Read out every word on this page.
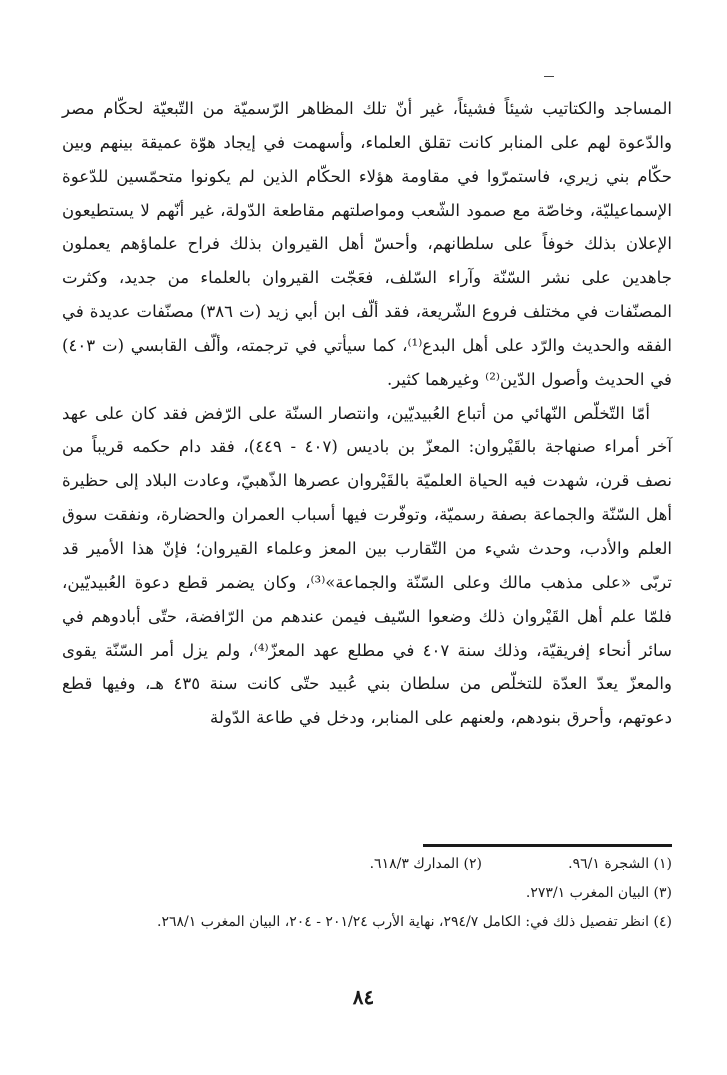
المساجد والكتاتيب شيئاً فشيئاً، غير أنّ تلك المظاهر الرّسميّة من التّبعيّة لحكّام مصر والدّعوة لهم على المنابر كانت تقلق العلماء، وأسهمت في إيجاد هوّة عميقة بينهم وبين حكّام بني زيري، فاستمرّوا في مقاومة هؤلاء الحكّام الذين لم يكونوا متحمّسين للدّعوة الإسماعيليّة، وخاصّة مع صمود الشّعب ومواصلتهم مقاطعة الدّولة، غير أنّهم لا يستطيعون الإعلان بذلك خوفاً على سلطانهم، وأحسّ أهل القيروان بذلك فراح علماؤهم يعملون جاهدين على نشر السّنّة وآراء السّلف، فعَجّت القيروان بالعلماء من جديد، وكثرت المصنّفات في مختلف فروع الشّريعة، فقد ألّف ابن أبي زيد (ت ٣٨٦) مصنّفات عديدة في الفقه والحديث والرّد على أهل البدع⁽¹⁾، كما سيأتي في ترجمته، وألّف القابسي (ت ٤٠٣) في الحديث وأصول الدّين⁽²⁾ وغيرهما كثير.

أمّا التّخلّص النّهائي من أتباع العُبيديّين، وانتصار السنّة على الرّفض فقد كان على عهد آخر أمراء صنهاجة بالقَيْروان: المعزّ بن باديس (٤٠٧ - ٤٤٩)، فقد دام حكمه قريباً من نصف قرن، شهدت فيه الحياة العلميّة بالقَيْروان عصرها الذّهبيّ، وعادت البلاد إلى حظيرة أهل السّنّة والجماعة بصفة رسميّة، وتوفّرت فيها أسباب العمران والحضارة، ونفقت سوق العلم والأدب، وحدث شيء من التّقارب بين المعز وعلماء القيروان؛ فإنّ هذا الأمير قد تربّى «على مذهب مالك وعلى السّنّة والجماعة»⁽³⁾، وكان يضمر قطع دعوة العُبيديّين، فلمّا علم أهل القَيْروان ذلك وضعوا السّيف فيمن عندهم من الرّافضة، حتّى أبادوهم في سائر أنحاء إفريقيّة، وذلك سنة ٤٠٧ في مطلع عهد المعزّ⁽⁴⁾، ولم يزل أمر السّنّة يقوى والمعزّ يعدّ العدّة للتخلّص من سلطان بني عُبيد حتّى كانت سنة ٤٣٥ هـ، وفيها قطع دعوتهم، وأحرق بنودهم، ولعنهم على المنابر، ودخل في طاعة الدّولة

(١) الشجرة ٩٦/١.
(٢) المدارك ٦١٨/٣.

(٣) البيان المغرب ٢٧٣/١.

(٤) انظر تفصيل ذلك في: الكامل ٢٩٤/٧، نهاية الأرب ٢٠١/٢٤ - ٢٠٤، البيان المغرب ٢٦٨/١.

٨٤
